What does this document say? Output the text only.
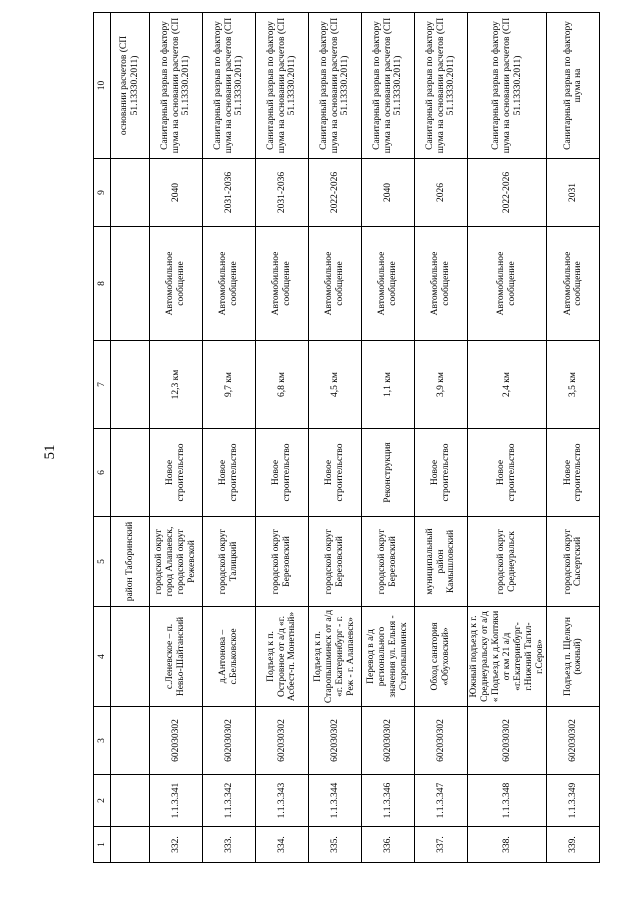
51
1	2	3	4	5	6	7	8	9	10
				район Таборинский					основании расчетов (СП 51.13330.2011)
332.	1.1.3.341	602030302	с.Леневское – п. Невьо-Шайтанский	городской округ город Алапаевск, городской округ Режевской	Новое строительство	12,3 км	Автомобильное сообщение	2040	Санитарный разрыв по фактору шума на основании расчетов (СП 51.13330.2011)
333.	1.1.3.342	602030302	д.Антонова – с.Бельковское	городской округ Талицкий	Новое строительство	9,7 км	Автомобильное сообщение	2031-2036	Санитарный разрыв по фактору шума на основании расчетов (СП 51.13330.2011)
334.	1.1.3.343	602030302	Подъезд к п. Островное от а/д «г. Асбест-п. Монетный»	городской округ Березовский	Новое строительство	6,8 км	Автомобильное сообщение	2031-2036	Санитарный разрыв по фактору шума на основании расчетов (СП 51.13330.2011)
335.	1.1.3.344	602030302	Подъезд к п. Старопышминск от а/д «г. Екатеринбург - г. Реж - г. Алапаевск»	городской округ Березовский	Новое строительство	4,5 км	Автомобильное сообщение	2022-2026	Санитарный разрыв по фактору шума на основании расчетов (СП 51.13330.2011)
336.	1.1.3.346	602030302	Перевод в а/д регионального значения ул. Ельня - Старопышминск	городской округ Березовский	Реконструкция	1,1 км	Автомобильное сообщение	2040	Санитарный разрыв по фактору шума на основании расчетов (СП 51.13330.2011)
337.	1.1.3.347	602030302	Обход санатория «Обуховский»	муниципальный район Камышловский	Новое строительство	3,9 км	Автомобильное сообщение	2026	Санитарный разрыв по фактору шума на основании расчетов (СП 51.13330.2011)
338.	1.1.3.348	602030302	Южный подъезд к г. Среднеуральску от а/д « Подъезд к д.Коптяки от км 21 а/д «г.Екатеринбург-г.Нижний Тагил-г.Серов»	городской округ Среднеуральск	Новое строительство	2,4 км	Автомобильное сообщение	2022-2026	Санитарный разрыв по фактору шума на основании расчетов (СП 51.13330.2011)
339.	1.1.3.349	602030302	Подъезд п. Щелкун (южный)	городской округ Сысертский	Новое строительство	3,5 км	Автомобильное сообщение	2031	Санитарный разрыв по фактору шума на
